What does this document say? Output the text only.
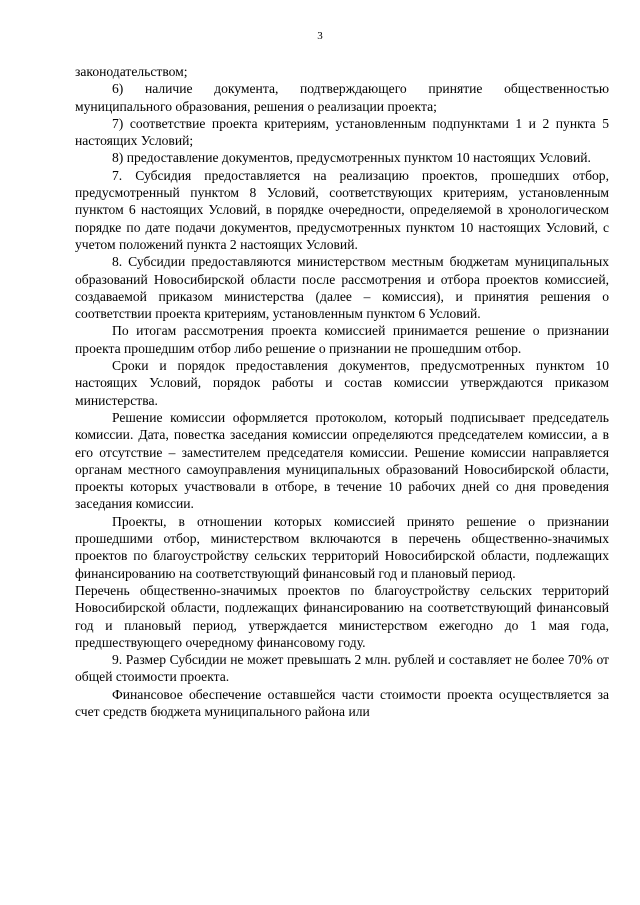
3

законодательством;

6) наличие документа, подтверждающего принятие общественностью муниципального образования, решения о реализации проекта;

7) соответствие проекта критериям, установленным подпунктами 1 и 2 пункта 5 настоящих Условий;

8) предоставление документов, предусмотренных пунктом 10 настоящих Условий.

7. Субсидия предоставляется на реализацию проектов, прошедших отбор, предусмотренный пунктом 8 Условий, соответствующих критериям, установленным пунктом 6 настоящих Условий, в порядке очередности, определяемой в хронологическом порядке по дате подачи документов, предусмотренных пунктом 10 настоящих Условий, с учетом положений пункта 2 настоящих Условий.

8. Субсидии предоставляются министерством местным бюджетам муниципальных образований Новосибирской области после рассмотрения и отбора проектов комиссией, создаваемой приказом министерства (далее – комиссия), и принятия решения о соответствии проекта критериям, установленным пунктом 6 Условий.

По итогам рассмотрения проекта комиссией принимается решение о признании проекта прошедшим отбор либо решение о признании не прошедшим отбор.

Сроки и порядок предоставления документов, предусмотренных пунктом 10 настоящих Условий, порядок работы и состав комиссии утверждаются приказом министерства.

Решение комиссии оформляется протоколом, который подписывает председатель комиссии. Дата, повестка заседания комиссии определяются председателем комиссии, а в его отсутствие – заместителем председателя комиссии. Решение комиссии направляется органам местного самоуправления муниципальных образований Новосибирской области, проекты которых участвовали в отборе, в течение 10 рабочих дней со дня проведения заседания комиссии.

Проекты, в отношении которых комиссией принято решение о признании прошедшими отбор, министерством включаются в перечень общественно-значимых проектов по благоустройству сельских территорий Новосибирской области, подлежащих финансированию на соответствующий финансовый год и плановый период.

Перечень общественно-значимых проектов по благоустройству сельских территорий Новосибирской области, подлежащих финансированию на соответствующий финансовый год и плановый период, утверждается министерством ежегодно до 1 мая года, предшествующего очередному финансовому году.

9. Размер Субсидии не может превышать 2 млн. рублей и составляет не более 70% от общей стоимости проекта.

Финансовое обеспечение оставшейся части стоимости проекта осуществляется за счет средств бюджета муниципального района или
